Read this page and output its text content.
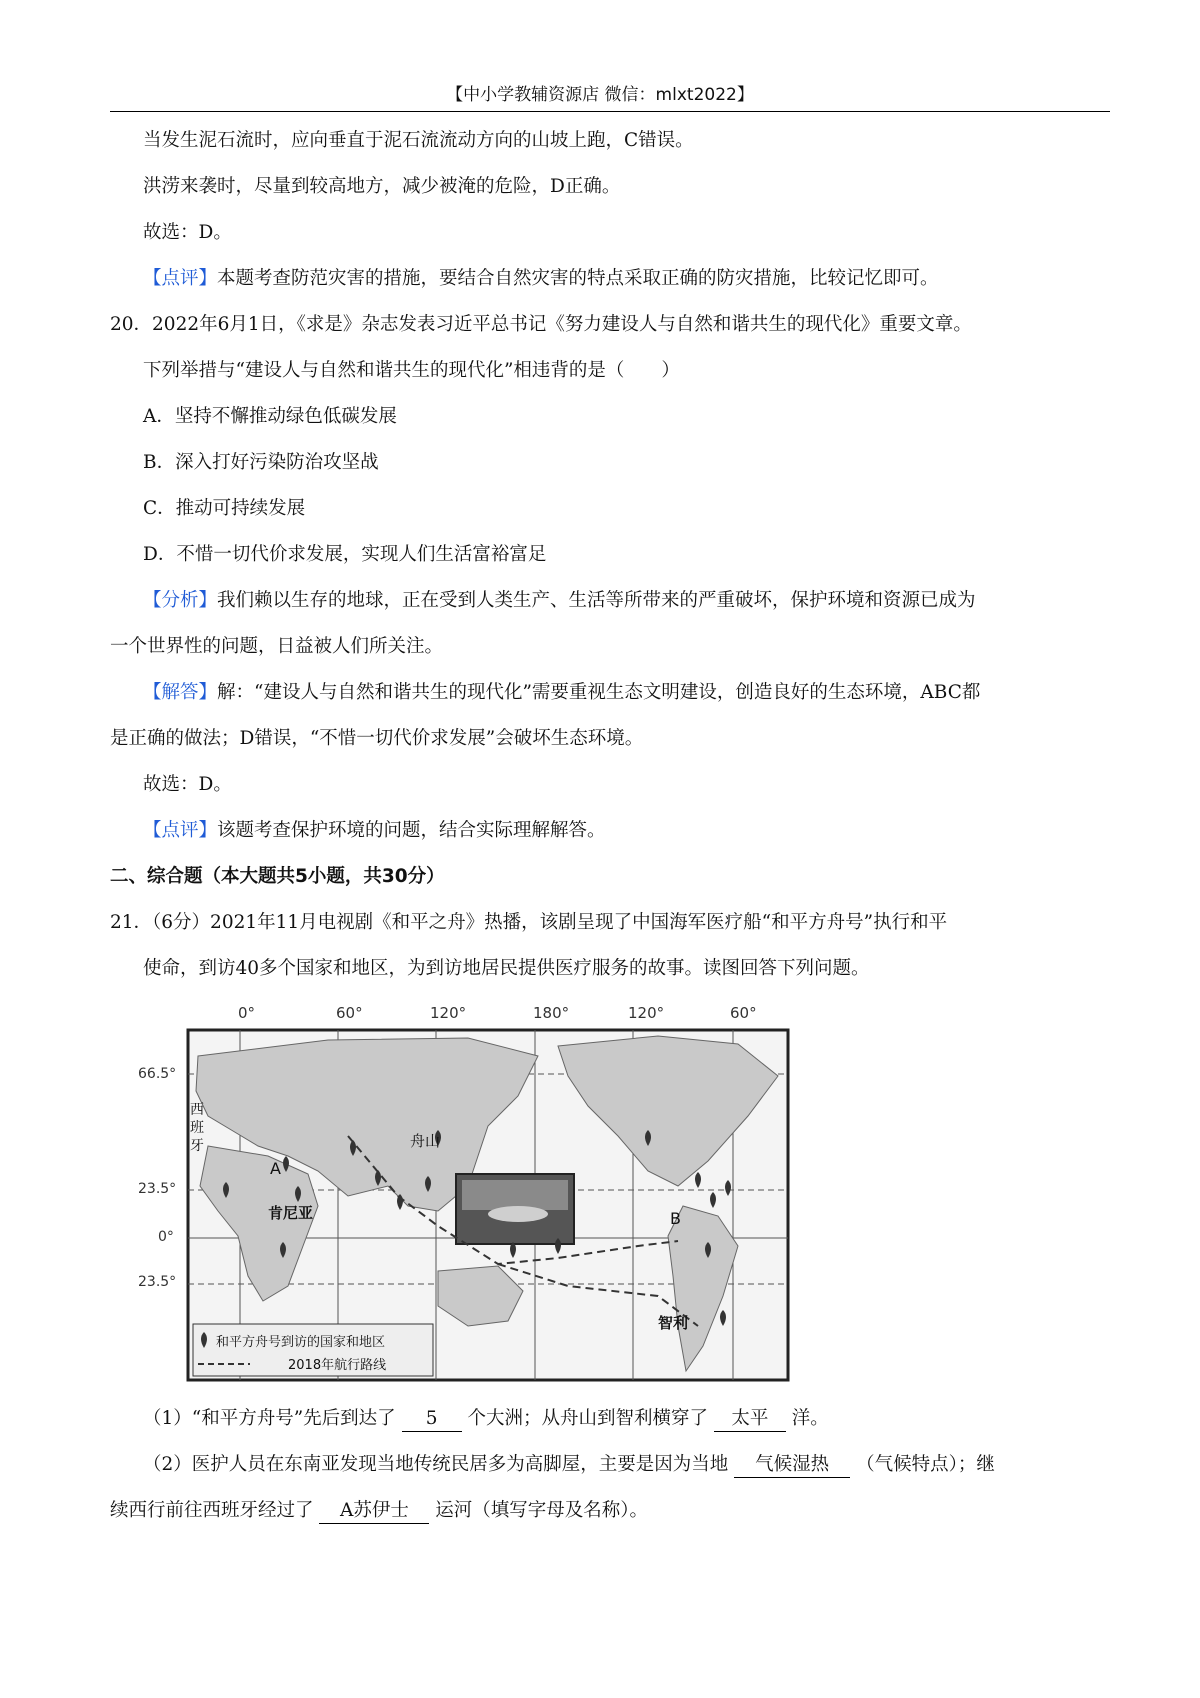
【中小学教辅资源店 微信：mlxt2022】
当发生泥石流时，应向垂直于泥石流流动方向的山坡上跑，C错误。
洪涝来袭时，尽量到较高地方，减少被淹的危险，D正确。
故选：D。
【点评】本题考查防范灾害的措施，要结合自然灾害的特点采取正确的防灾措施，比较记忆即可。
20．2022年6月1日，《求是》杂志发表习近平总书记《努力建设人与自然和谐共生的现代化》重要文章。
下列举措与“建设人与自然和谐共生的现代化”相违背的是（　　）
A．坚持不懈推动绿色低碳发展
B．深入打好污染防治攻坚战
C．推动可持续发展
D．不惜一切代价求发展，实现人们生活富裕富足
【分析】我们赖以生存的地球，正在受到人类生产、生活等所带来的严重破坏，保护环境和资源已成为
一个世界性的问题，日益被人们所关注。
【解答】解：“建设人与自然和谐共生的现代化”需要重视生态文明建设，创造良好的生态环境，ABC都
是正确的做法；D错误，“不惜一切代价求发展”会破坏生态环境。
故选：D。
【点评】该题考查保护环境的问题，结合实际理解解答。
二、综合题（本大题共5小题，共30分）
21．（6分）2021年11月电视剧《和平之舟》热播，该剧呈现了中国海军医疗船“和平方舟号”执行和平
使命，到访40多个国家和地区，为到访地居民提供医疗服务的故事。读图回答下列问题。
0°	60°	120°	180°	120°	60°
66.5°
23.5°
0°
23.5°
西
班
牙
A
肯尼亚
舟山
B
智利
和平方舟号到访的国家和地区
2018年航行路线
（1）“和平方舟号”先后到达了 5 个大洲；从舟山到智利横穿了 太平 洋。
（2）医护人员在东南亚发现当地传统民居多为高脚屋，主要是因为当地 气候湿热 （气候特点）；继
续西行前往西班牙经过了 A苏伊士 运河（填写字母及名称）。
